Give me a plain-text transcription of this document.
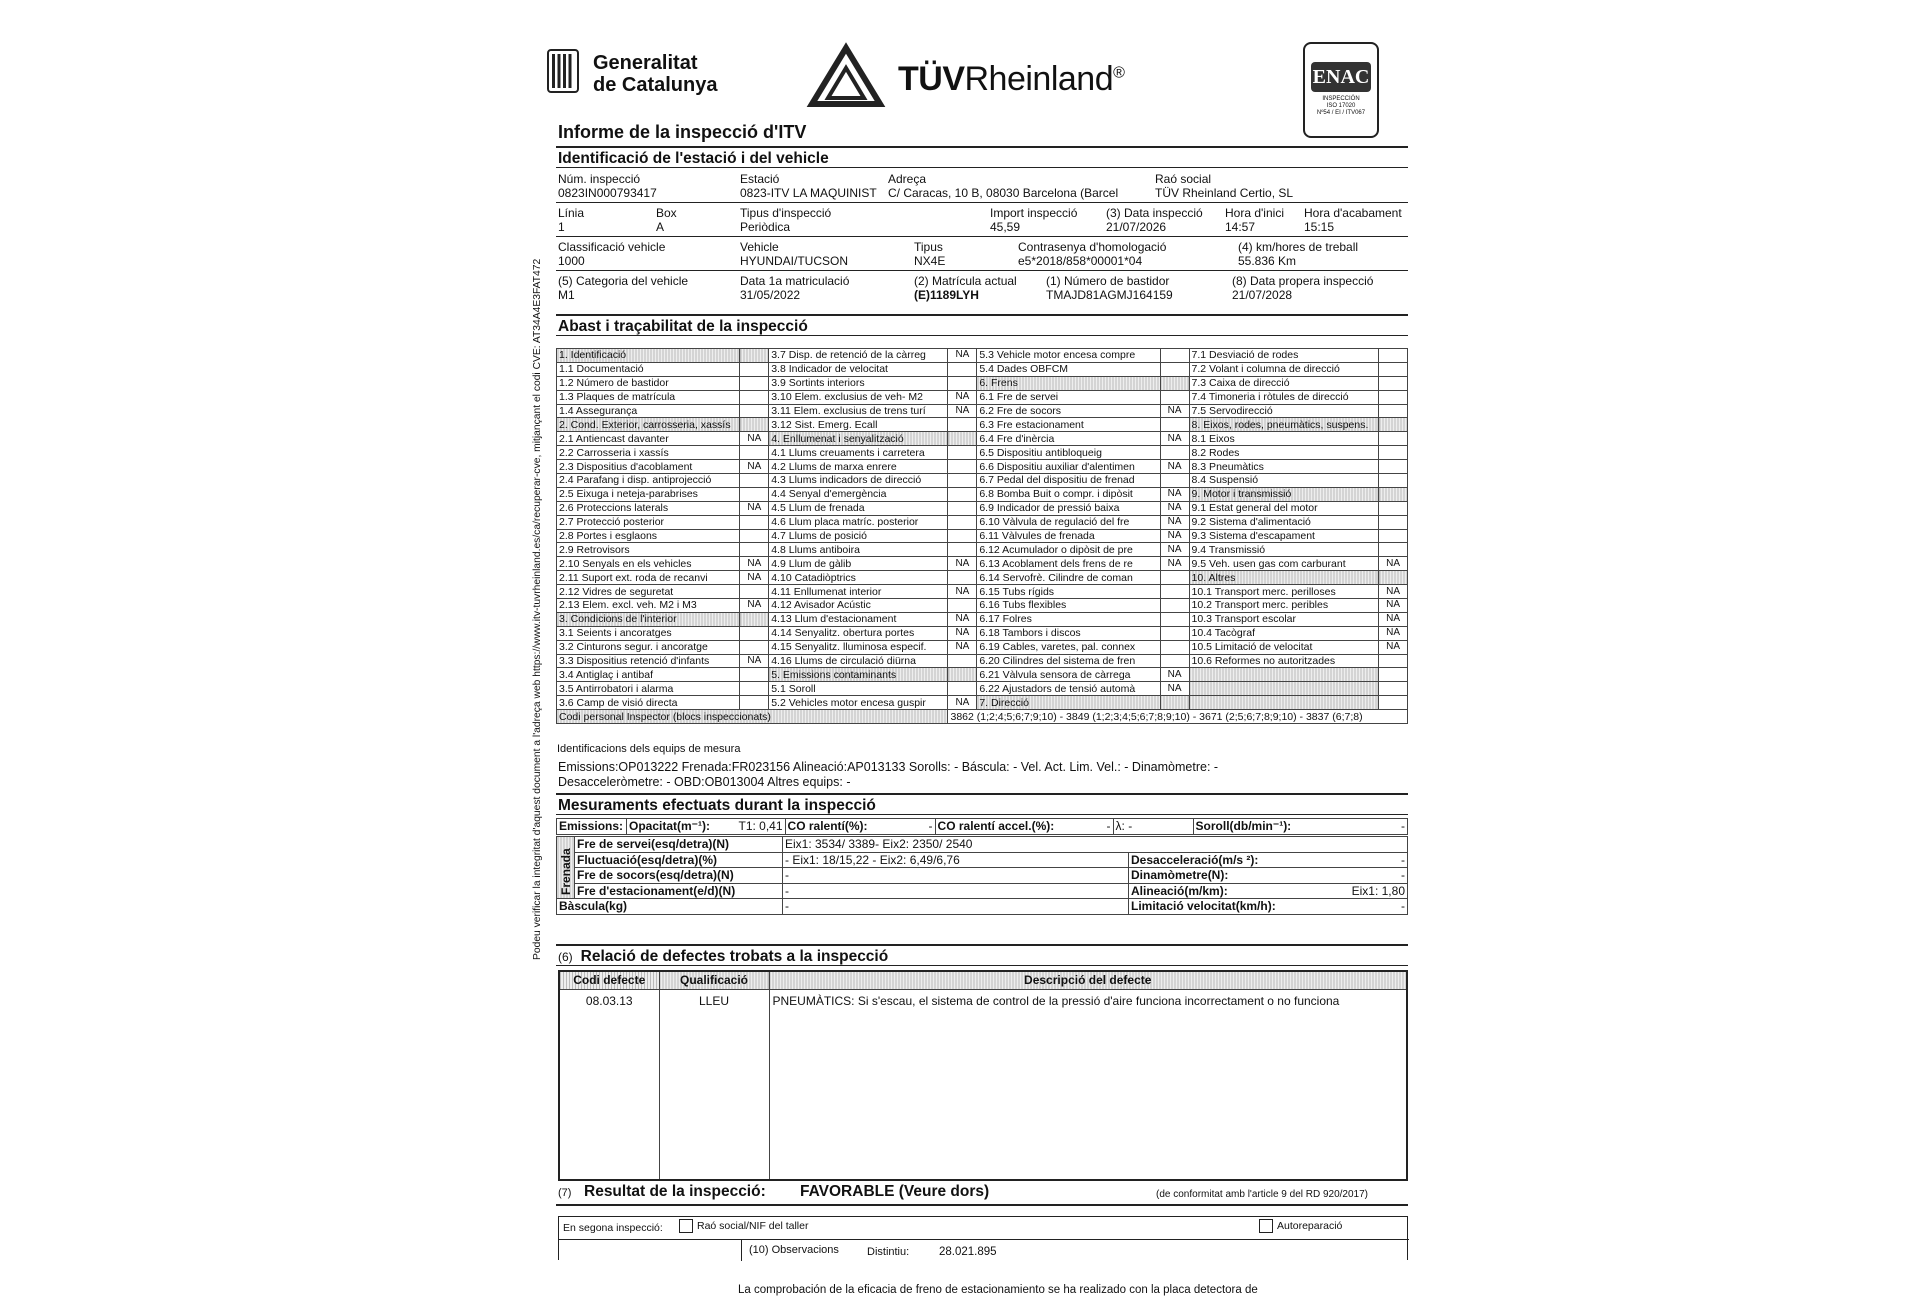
Podeu verificar la integritat d'aquest document a l'adreça web https://www.itv-tuvrheinland.es/ca/recuperar-cve, mitjançant el codi CVE: AT34A4E3FAT472
Generalitat
de Catalunya	TÜVRheinland®	ENAC
INSPECCIÓN
ISO 17020
Nº54 / EI / ITV067
Informe de la inspecció d'ITV
Identificació de l'estació i del vehicle
Núm. inspecció
0823IN000793417
Estació
0823-ITV LA MAQUINIST
Adreça
C/ Caracas, 10 B, 08030 Barcelona (Barcel
Raó social
TÜV Rheinland Certio, SL
Línia
1
Box
A
Tipus d'inspecció
Periòdica
Import inspecció
45,59
(3) Data inspecció
21/07/2026
Hora d'inici
14:57
Hora d'acabament
15:15
Classificació vehicle
1000
Vehicle
HYUNDAI/TUCSON
Tipus
NX4E
Contrasenya d'homologació
e5*2018/858*00001*04
(4) km/hores de treball
55.836 Km
(5) Categoria del vehicle
M1
Data 1a matriculació
31/05/2022
(2) Matrícula actual
(E)1189LYH
(1) Número de bastidor
TMAJD81AGMJ164159
(8) Data propera inspecció
21/07/2028
Abast i traçabilitat de la inspecció
1. Identificació		3.7 Disp. de retenció de la càrreg	NA	5.3 Vehicle motor encesa compre		7.1 Desviació de rodes	
1.1 Documentació		3.8 Indicador de velocitat		5.4 Dades OBFCM		7.2 Volant i columna de direcció	
1.2 Número de bastidor		3.9 Sortints interiors		6. Frens		7.3 Caixa de direcció	
1.3 Plaques de matrícula		3.10 Elem. exclusius de veh- M2	NA	6.1 Fre de servei		7.4 Timoneria i ròtules de direcció	
1.4 Assegurança		3.11 Elem. exclusius de trens turí	NA	6.2 Fre de socors	NA	7.5 Servodirecció	
2. Cond. Exterior, carrosseria, xassís		3.12 Sist. Emerg. Ecall		6.3 Fre estacionament		8. Eixos, rodes, pneumàtics, suspens.	
2.1 Antiencast davanter	NA	4. Enllumenat i senyalització		6.4 Fre d'inèrcia	NA	8.1 Eixos	
2.2 Carrosseria i xassís		4.1 Llums creuaments i carretera		6.5 Dispositiu antibloqueig		8.2 Rodes	
2.3 Dispositius d'acoblament	NA	4.2 Llums de marxa enrere		6.6 Dispositiu auxiliar d'alentimen	NA	8.3 Pneumàtics	
2.4 Parafang i disp. antiprojecció		4.3 Llums indicadors de direcció		6.7 Pedal del dispositiu de frenad		8.4 Suspensió	
2.5 Eixuga i neteja-parabrises		4.4 Senyal d'emergència		6.8 Bomba Buit o compr. i dipòsit	NA	9. Motor i transmissió	
2.6 Proteccions laterals	NA	4.5 Llum de frenada		6.9 Indicador de pressió baixa	NA	9.1 Estat general del motor	
2.7 Protecció posterior		4.6 Llum placa matríc. posterior		6.10 Vàlvula de regulació del fre	NA	9.2 Sistema d'alimentació	
2.8 Portes i esglaons		4.7 Llums de posició		6.11 Vàlvules de frenada	NA	9.3 Sistema d'escapament	
2.9 Retrovisors		4.8 Llums antiboira		6.12 Acumulador o dipòsit de pre	NA	9.4 Transmissió	
2.10 Senyals en els vehicles	NA	4.9 Llum de gàlib	NA	6.13 Acoblament dels frens de re	NA	9.5 Veh. usen gas com carburant	NA
2.11 Suport ext. roda de recanvi	NA	4.10 Catadiòptrics		6.14 Servofrè. Cilindre de coman		10. Altres	
2.12 Vidres de seguretat		4.11 Enllumenat interior	NA	6.15 Tubs rígids		10.1 Transport merc. perilloses	NA
2.13 Elem. excl. veh. M2 i M3	NA	4.12 Avisador Acústic		6.16 Tubs flexibles		10.2 Transport merc. peribles	NA
3. Condicions de l'interior		4.13 Llum d'estacionament	NA	6.17 Folres		10.3 Transport escolar	NA
3.1 Seients i ancoratges		4.14 Senyalitz. obertura portes	NA	6.18 Tambors i discos		10.4 Tacògraf	NA
3.2 Cinturons segur. i ancoratge		4.15 Senyalitz. lluminosa especif.	NA	6.19 Cables, varetes, pal. connex		10.5 Limitació de velocitat	NA
3.3 Dispositius retenció d'infants	NA	4.16 Llums de circulació diürna		6.20 Cilindres del sistema de fren		10.6 Reformes no autoritzades	
3.4 Antiglaç i antibaf		5. Emissions contaminants		6.21 Vàlvula sensora de càrrega	NA		
3.5 Antirrobatori i alarma		5.1 Soroll		6.22 Ajustadors de tensió automà	NA		
3.6 Camp de visió directa		5.2 Vehicles motor encesa guspir	NA	7. Direcció			
Codi personal Inspector (blocs inspeccionats)			3862 (1;2;4;5;6;7;9;10) - 3849 (1;2;3;4;5;6;7;8;9;10) - 3671 (2;5;6;7;8;9;10) - 3837 (6;7;8)				
Identificacions dels equips de mesura
Emissions:OP013222 Frenada:FR023156 Alineació:AP013133 Sorolls: - Báscula: - Vel. Act. Lim. Vel.: - Dinamòmetre: -
Desacceleròmetre: - OBD:OB013004 Altres equips: -
Mesuraments efectuats durant la inspecció
Emissions:	Opacitat(m⁻¹):	T1: 0,41	CO ralentí(%):	-	CO ralentí accel.(%):	-	λ: -	Soroll(db/min⁻¹):	-
Frenada	Fre de servei(esq/detra)(N)	Eix1: 3534/ 3389- Eix2: 2350/ 2540		
	Fluctuació(esq/detra)(%)	- Eix1: 18/15,22 - Eix2: 6,49/6,76	Desacceleració(m/s ²):	-
	Fre de socors(esq/detra)(N)	-	Dinamòmetre(N):	-
	Fre d'estacionament(e/d)(N)	-	Alineació(m/km):	Eix1: 1,80
Bàscula(kg)		-	Limitació velocitat(km/h):	-
(6) Relació de defectes trobats a la inspecció
Codi defecte	Qualificació	Descripció del defecte
08.03.13	LLEU	PNEUMÀTICS: Si s'escau, el sistema de control de la pressió d'aire funciona incorrectament o no funciona
(7) Resultat de la inspecció: FAVORABLE (Veure dors)	(de conformitat amb l'article 9 del RD 920/2017)
En segona inspecció:	Raó social/NIF del taller	Autoreparació
(10) Observacions	Distintiu:	28.021.895
La comprobación de la eficacia de freno de estacionamiento se ha realizado con la placa detectora de
